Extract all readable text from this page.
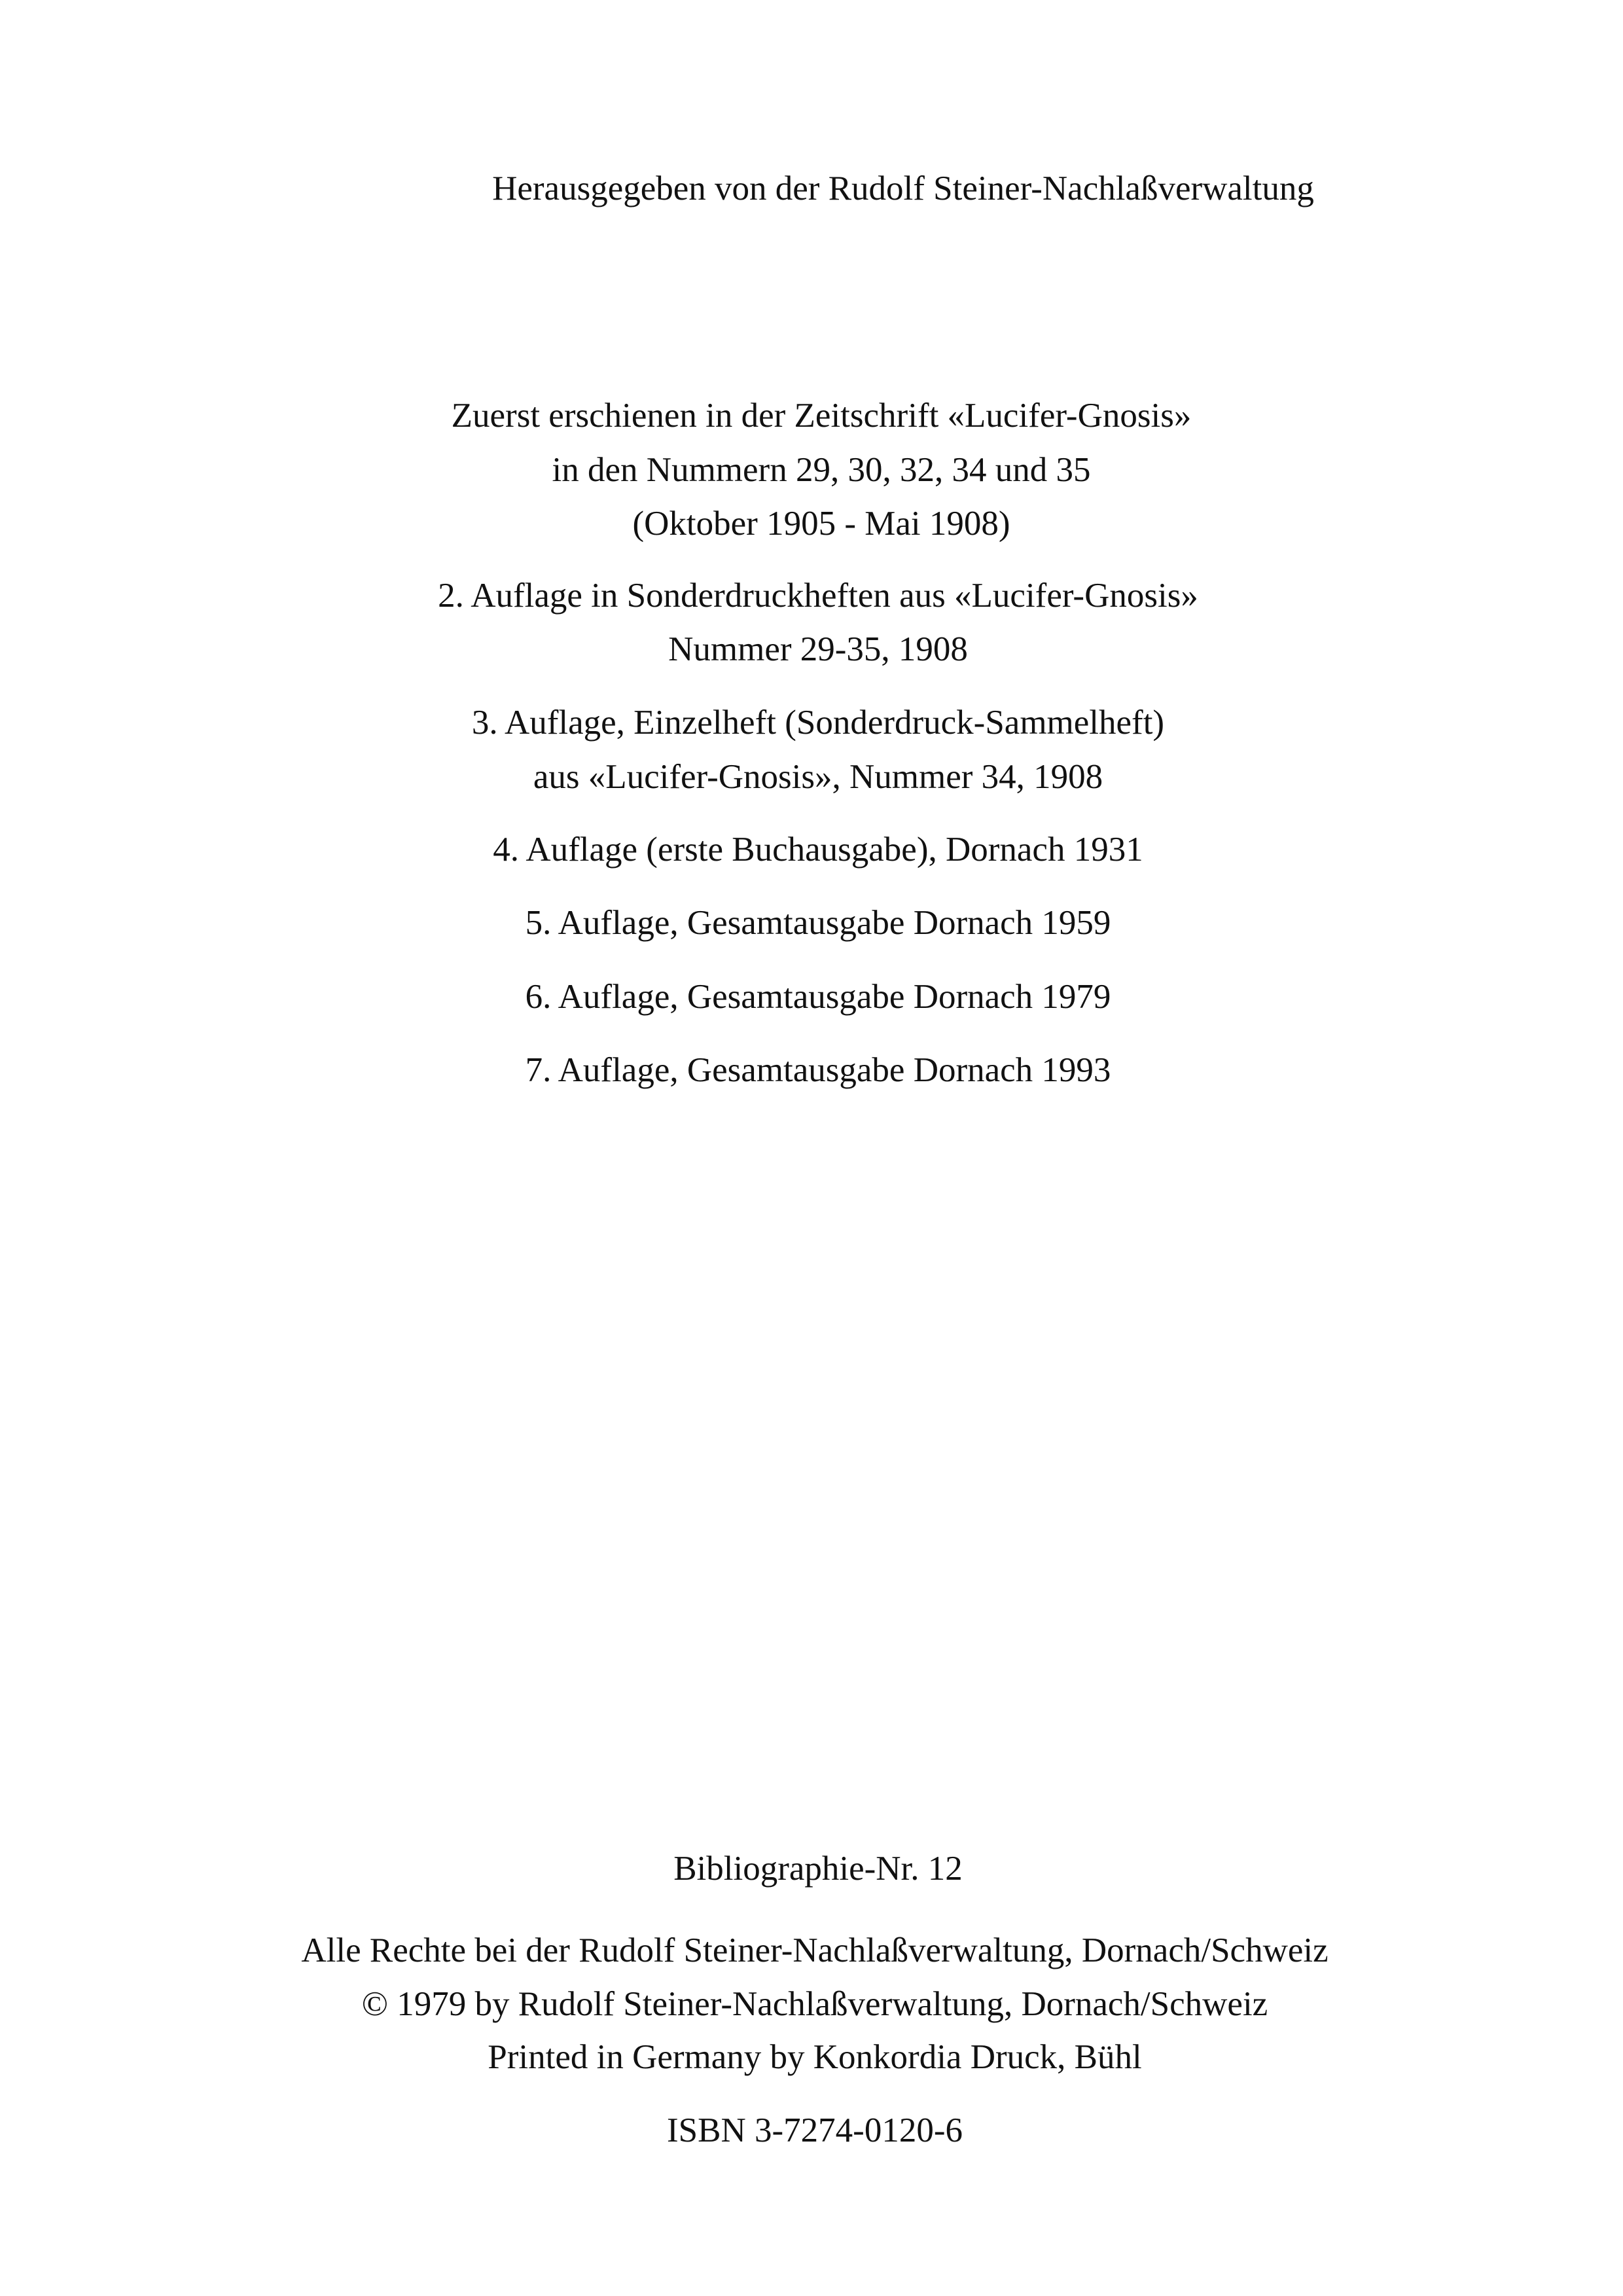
Herausgegeben von der Rudolf Steiner-Nachlaßverwaltung
Zuerst erschienen in der Zeitschrift «Lucifer-Gnosis»
in den Nummern 29, 30, 32, 34 und 35
(Oktober 1905 - Mai 1908)
2. Auflage in Sonderdruckheften aus «Lucifer-Gnosis»
Nummer 29-35, 1908
3. Auflage, Einzelheft (Sonderdruck-Sammelheft)
aus «Lucifer-Gnosis», Nummer 34, 1908
4. Auflage (erste Buchausgabe), Dornach 1931
5. Auflage, Gesamtausgabe Dornach 1959
6. Auflage, Gesamtausgabe Dornach 1979
7. Auflage, Gesamtausgabe Dornach 1993
Bibliographie-Nr. 12
Alle Rechte bei der Rudolf Steiner-Nachlaßverwaltung, Dornach/Schweiz
© 1979 by Rudolf Steiner-Nachlaßverwaltung, Dornach/Schweiz
Printed in Germany by Konkordia Druck, Bühl
ISBN 3-7274-0120-6
